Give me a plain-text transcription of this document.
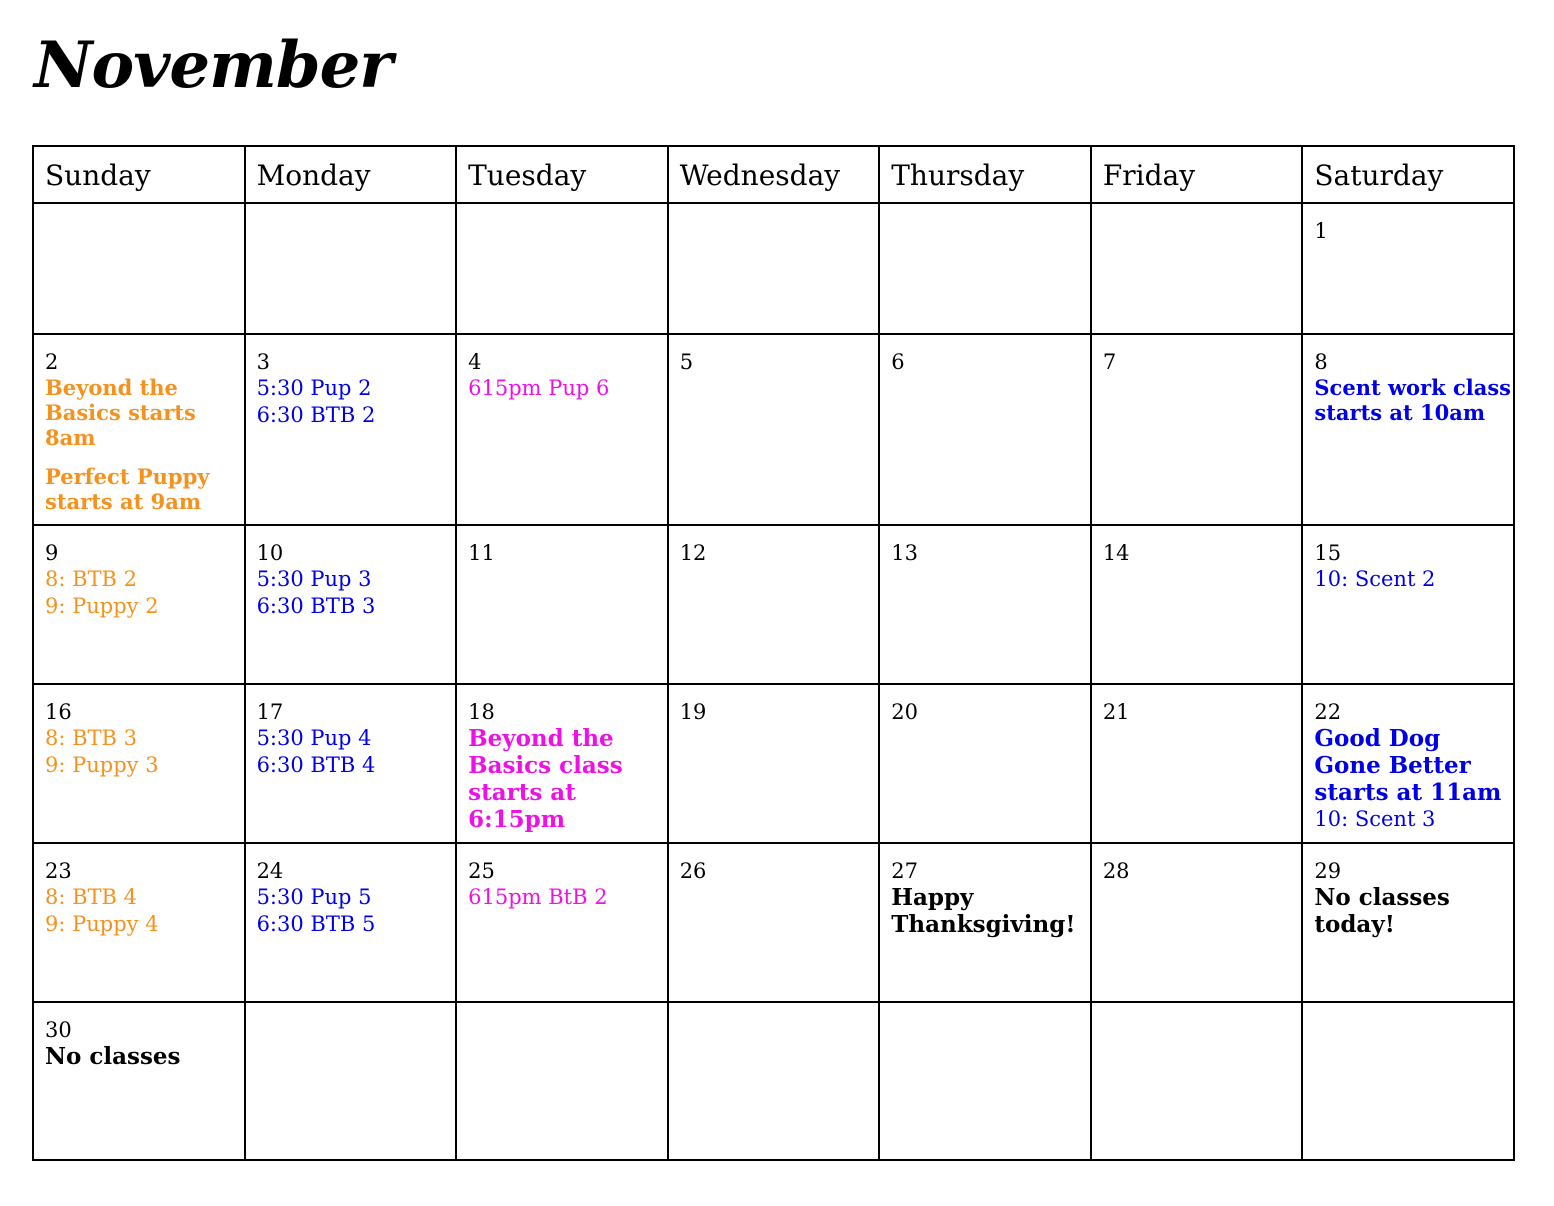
November
Sunday	Monday	Tuesday	Wednesday	Thursday	Friday	Saturday

						1

2
Beyond the Basics starts 8am
Perfect Puppy starts at 9am	3
5:30 Pup 2
6:30 BTB 2	4
615pm Pup 6	5	6	7	8
Scent work class starts at 10am

9
8: BTB 2
9: Puppy 2	10
5:30 Pup 3
6:30 BTB 3	11	12	13	14	15
10: Scent 2

16
8: BTB 3
9: Puppy 3	17
5:30 Pup 4
6:30 BTB 4	18
Beyond the Basics class starts at 6:15pm	19	20	21	22
Good Dog Gone Better starts at 11am
10: Scent 3

23
8: BTB 4
9: Puppy 4	24
5:30 Pup 5
6:30 BTB 5	25
615pm BtB 2	26	27
Happy Thanksgiving!	28	29
No classes today!

30
No classes						
